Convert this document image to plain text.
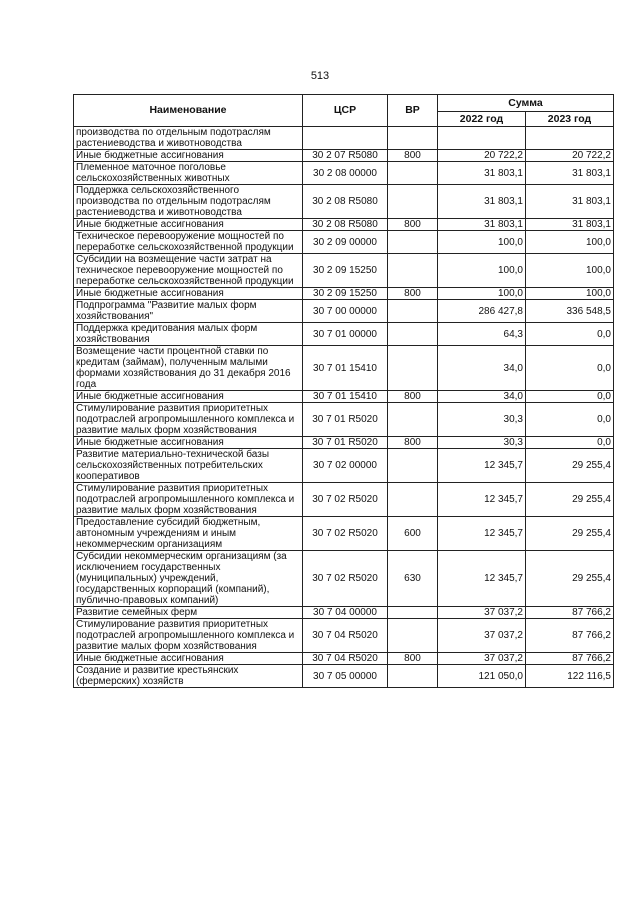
513
Наименование	ЦСР	ВР	Сумма	
			2022 год	2023 год
производства по отдельным подотраслям растениеводства и животноводства				
Иные бюджетные ассигнования	30 2 07 R5080	800	20 722,2	20 722,2
Племенное маточное поголовье сельскохозяйственных животных	30 2 08 00000		31 803,1	31 803,1
Поддержка сельскохозяйственного производства по отдельным подотраслям растениеводства и животноводства	30 2 08 R5080		31 803,1	31 803,1
Иные бюджетные ассигнования	30 2 08 R5080	800	31 803,1	31 803,1
Техническое перевооружение мощностей по переработке сельскохозяйственной продукции	30 2 09 00000		100,0	100,0
Субсидии на возмещение части затрат на техническое перевооружение мощностей по переработке сельскохозяйственной продукции	30 2 09 15250		100,0	100,0
Иные бюджетные ассигнования	30 2 09 15250	800	100,0	100,0
Подпрограмма "Развитие малых форм хозяйствования"	30 7 00 00000		286 427,8	336 548,5
Поддержка кредитования малых форм хозяйствования	30 7 01 00000		64,3	0,0
Возмещение части процентной ставки по кредитам (займам), полученным малыми формами хозяйствования до 31 декабря 2016 года	30 7 01 15410		34,0	0,0
Иные бюджетные ассигнования	30 7 01 15410	800	34,0	0,0
Стимулирование развития приоритетных подотраслей агропромышленного комплекса и развитие малых форм хозяйствования	30 7 01 R5020		30,3	0,0
Иные бюджетные ассигнования	30 7 01 R5020	800	30,3	0,0
Развитие материально-технической базы сельскохозяйственных потребительских кооперативов	30 7 02 00000		12 345,7	29 255,4
Стимулирование развития приоритетных подотраслей агропромышленного комплекса и развитие малых форм хозяйствования	30 7 02 R5020		12 345,7	29 255,4
Предоставление субсидий бюджетным, автономным учреждениям и иным некоммерческим организациям	30 7 02 R5020	600	12 345,7	29 255,4
Субсидии некоммерческим организациям (за исключением государственных (муниципальных) учреждений, государственных корпораций (компаний), публично-правовых компаний)	30 7 02 R5020	630	12 345,7	29 255,4
Развитие семейных ферм	30 7 04 00000		37 037,2	87 766,2
Стимулирование развития приоритетных подотраслей агропромышленного комплекса и развитие малых форм хозяйствования	30 7 04 R5020		37 037,2	87 766,2
Иные бюджетные ассигнования	30 7 04 R5020	800	37 037,2	87 766,2
Создание и развитие крестьянских (фермерских) хозяйств	30 7 05 00000		121 050,0	122 116,5
